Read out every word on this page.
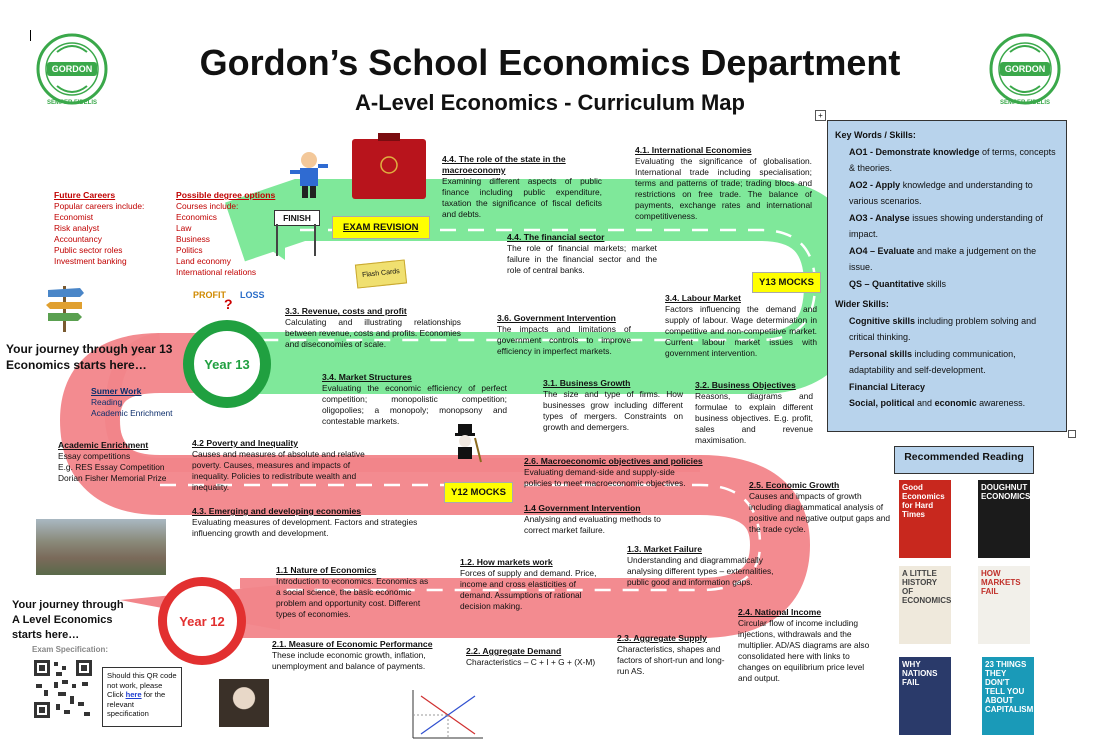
GORDON
SEMPER FIDELIS
GORDON
SEMPER FIDELIS
Gordon’s School Economics Department
A-Level Economics - Curriculum Map
+
Future Careers
Popular careers include:
Economist
Risk analyst
Accountancy
Public sector roles
Investment banking
Possible degree options
Courses include:
Economics
Law
Business
Politics
Land economy
International relations
FINISH
EXAM REVISION
Flash Cards
PROFIT LOSS
?
Y13 MOCKS
Y12 MOCKS
Year 13
Year 12
Your journey through year 13 Economics starts here…
Your journey through A Level Economics starts here…
Sumer Work
Reading
Academic Enrichment
Academic Enrichment
Essay competitions
E.g. RES Essay Competition
Dorian Fisher Memorial Prize
4.4. The role of the state in the macroeconomy
Examining different aspects of public finance including public expenditure, taxation the significance of fiscal deficits and debts.
4.1. International Economies
Evaluating the significance of globalisation. International trade including specialisation; terms and patterns of trade; trading blocs and restrictions on free trade. The balance of payments, exchange rates and international competitiveness.
4.4. The financial sector
The role of financial markets; market failure in the financial sector and the role of central banks.
3.3. Revenue, costs and profit
Calculating and illustrating relationships between revenue, costs and profits. Economies and diseconomies of scale.
3.6. Government Intervention
The impacts and limitations of government controls to improve efficiency in imperfect markets.
3.4. Labour Market
Factors influencing the demand and supply of labour. Wage determination in competitive and non-competitive market. Current labour market issues with government intervention.
3.4. Market Structures
Evaluating the economic efficiency of perfect competition; monopolistic competition; oligopolies; a monopoly; monopsony and contestable markets.
3.1. Business Growth
The size and type of firms. How businesses grow including different types of mergers. Constraints on growth and demergers.
3.2. Business Objectives
Reasons, diagrams and formulae to explain different business objectives. E.g. profit, sales and revenue maximisation.
4.2 Poverty and Inequality
Causes and measures of absolute and relative poverty. Causes, measures and impacts of inequality. Policies to redistribute wealth and inequality.
2.6. Macroeconomic objectives and policies
Evaluating demand-side and supply-side policies to meet macroeconomic objectives.	2.5. Economic Growth
Causes and impacts of growth including diagrammatical analysis of positive and negative output gaps and the trade cycle.
4.3. Emerging and developing economies
Evaluating measures of development. Factors and strategies influencing growth and development.
1.4 Government Intervention
Analysing and evaluating methods to correct market failure.
1.3. Market Failure
Understanding and diagrammatically analysing different types – externalities, public good and information gaps.
1.1 Nature of Economics
Introduction to economics. Economics as a social science, the basic economic problem and opportunity cost. Different types of economies.
1.2. How markets work
Forces of supply and demand. Price, income and cross elasticities of demand. Assumptions of rational decision making.
2.4. National Income
Circular flow of income including injections, withdrawals and the multiplier. AD/AS diagrams are also consolidated here with links to changes on equilibrium price level and output.
2.1. Measure of Economic Performance
These include economic growth, inflation, unemployment and balance of payments.
2.2. Aggregate Demand
Characteristics – C + I + G + (X-M)
2.3. Aggregate Supply
Characteristics, shapes and factors of short-run and long-run AS.
Key Words / Skills:
AO1 - Demonstrate knowledge of terms, concepts & theories.
AO2 - Apply knowledge and understanding to various scenarios.
AO3 - Analyse issues showing understanding of impact.
AO4 – Evaluate and make a judgement on the issue.
QS – Quantitative skills
Wider Skills:
Cognitive skills including problem solving and critical thinking.
Personal skills including communication, adaptability and self-development.
Financial Literacy
Social, political and economic awareness.
Recommended Reading
Good Economics for Hard Times
DOUGHNUT ECONOMICS
A LITTLE HISTORY OF ECONOMICS
HOW MARKETS FAIL
WHY NATIONS FAIL
23 THINGS THEY DON'T TELL YOU ABOUT CAPITALISM
Exam Specification:
Should this QR code not work, please Click here for the relevant specification
